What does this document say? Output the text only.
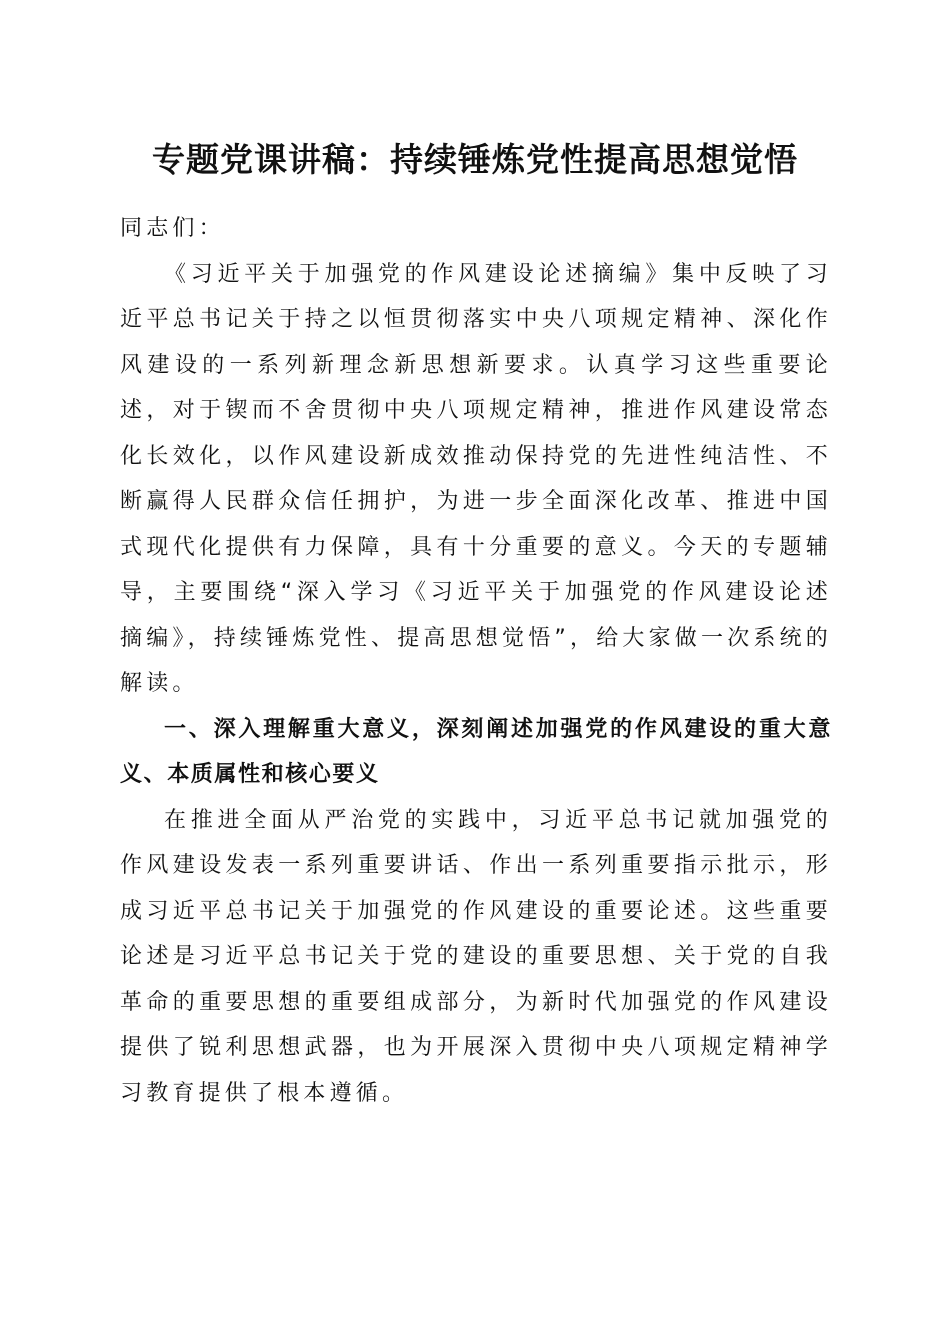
专题党课讲稿：持续锤炼党性提高思想觉悟

同志们：

《习近平关于加强党的作风建设论述摘编》集中反映了习近平总书记关于持之以恒贯彻落实中央八项规定精神、深化作风建设的一系列新理念新思想新要求。认真学习这些重要论述，对于锲而不舍贯彻中央八项规定精神，推进作风建设常态化长效化，以作风建设新成效推动保持党的先进性纯洁性、不断赢得人民群众信任拥护，为进一步全面深化改革、推进中国式现代化提供有力保障，具有十分重要的意义。今天的专题辅导，主要围绕“深入学习《习近平关于加强党的作风建设论述摘编》，持续锤炼党性、提高思想觉悟”，给大家做一次系统的解读。

一、深入理解重大意义，深刻阐述加强党的作风建设的重大意义、本质属性和核心要义

在推进全面从严治党的实践中，习近平总书记就加强党的作风建设发表一系列重要讲话、作出一系列重要指示批示，形成习近平总书记关于加强党的作风建设的重要论述。这些重要论述是习近平总书记关于党的建设的重要思想、关于党的自我革命的重要思想的重要组成部分，为新时代加强党的作风建设提供了锐利思想武器，也为开展深入贯彻中央八项规定精神学习教育提供了根本遵循。
